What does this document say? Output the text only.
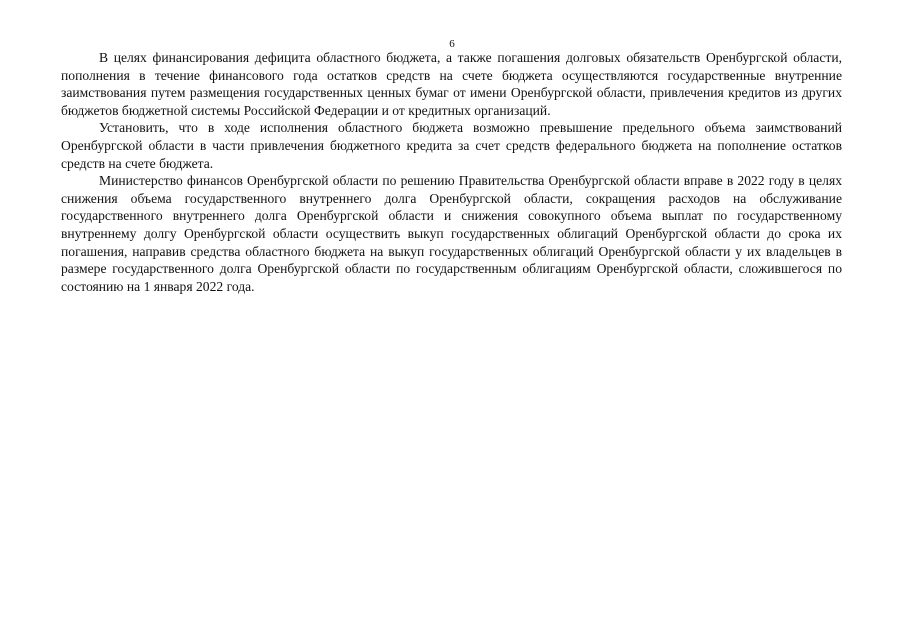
6

В целях финансирования дефицита областного бюджета, а также погашения долговых обязательств Оренбургской области, пополнения в течение финансового года остатков средств на счете бюджета осуществляются государственные внутренние заимствования путем размещения государственных ценных бумаг от имени Оренбургской области, привлечения кредитов из других бюджетов бюджетной системы Российской Федерации и от кредитных организаций.

Установить, что в ходе исполнения областного бюджета возможно превышение предельного объема заимствований Оренбургской области в части привлечения бюджетного кредита за счет средств федерального бюджета на пополнение остатков средств на счете бюджета.

Министерство финансов Оренбургской области по решению Правительства Оренбургской области вправе в 2022 году в целях снижения объема государственного внутреннего долга Оренбургской области, сокращения расходов на обслуживание государственного внутреннего долга Оренбургской области и снижения совокупного объема выплат по государственному внутреннему долгу Оренбургской области осуществить выкуп государственных облигаций Оренбургской области до срока их погашения, направив средства областного бюджета на выкуп государственных облигаций Оренбургской области у их владельцев в размере государственного долга Оренбургской области по государственным облигациям Оренбургской области, сложившегося по состоянию на 1 января 2022 года.
